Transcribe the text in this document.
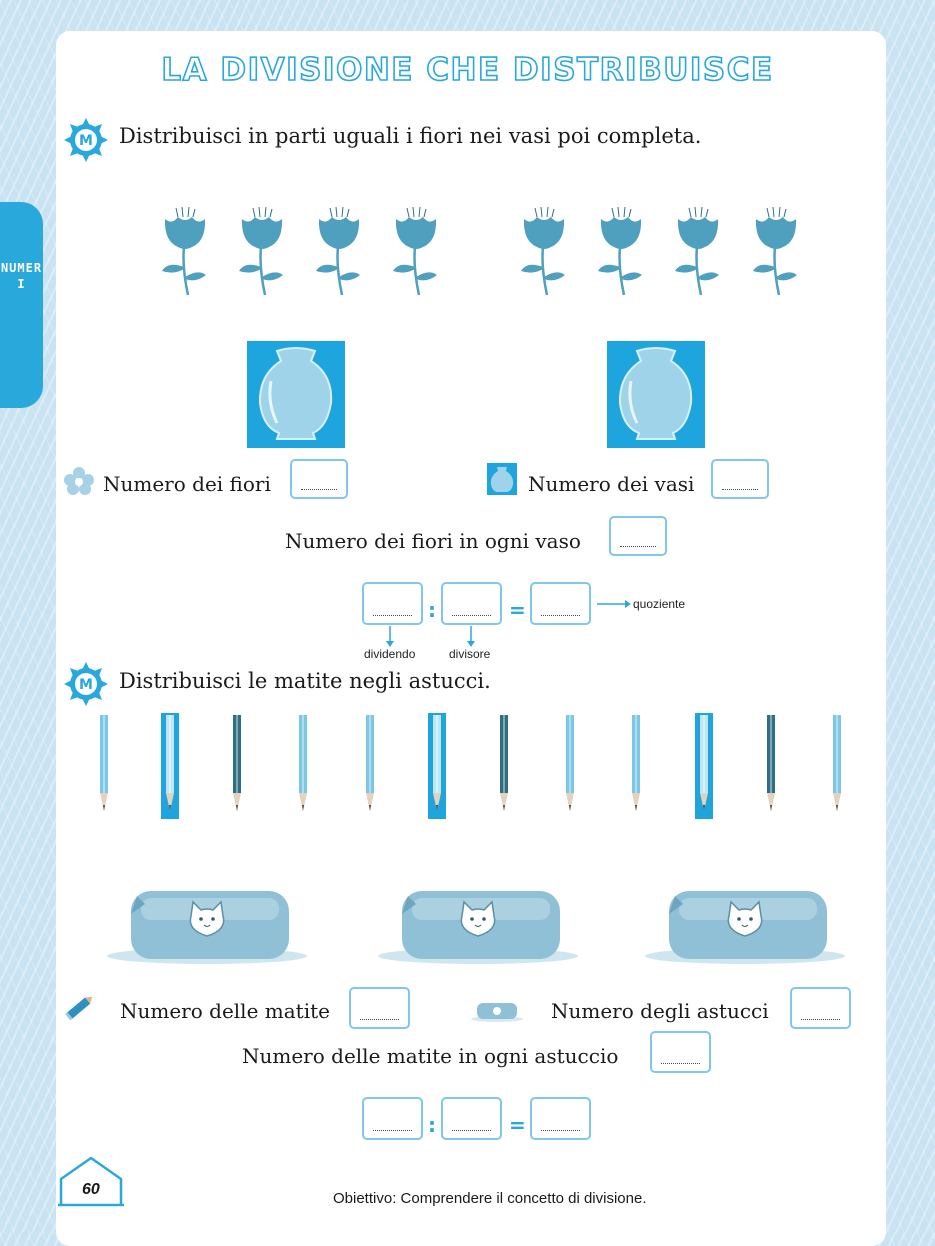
NUMERI
LA DIVISIONE CHE DISTRIBUISCE
M Distribuisci in parti uguali i fiori nei vasi poi completa.
Numero dei fiori	Numero dei vasi
Numero dei fiori in ogni vaso
:	=	quoziente
dividendo	divisore
M Distribuisci le matite negli astucci.
Numero delle matite	Numero degli astucci
Numero delle matite in ogni astuccio
:	=
60
Obiettivo: Comprendere il concetto di divisione.
